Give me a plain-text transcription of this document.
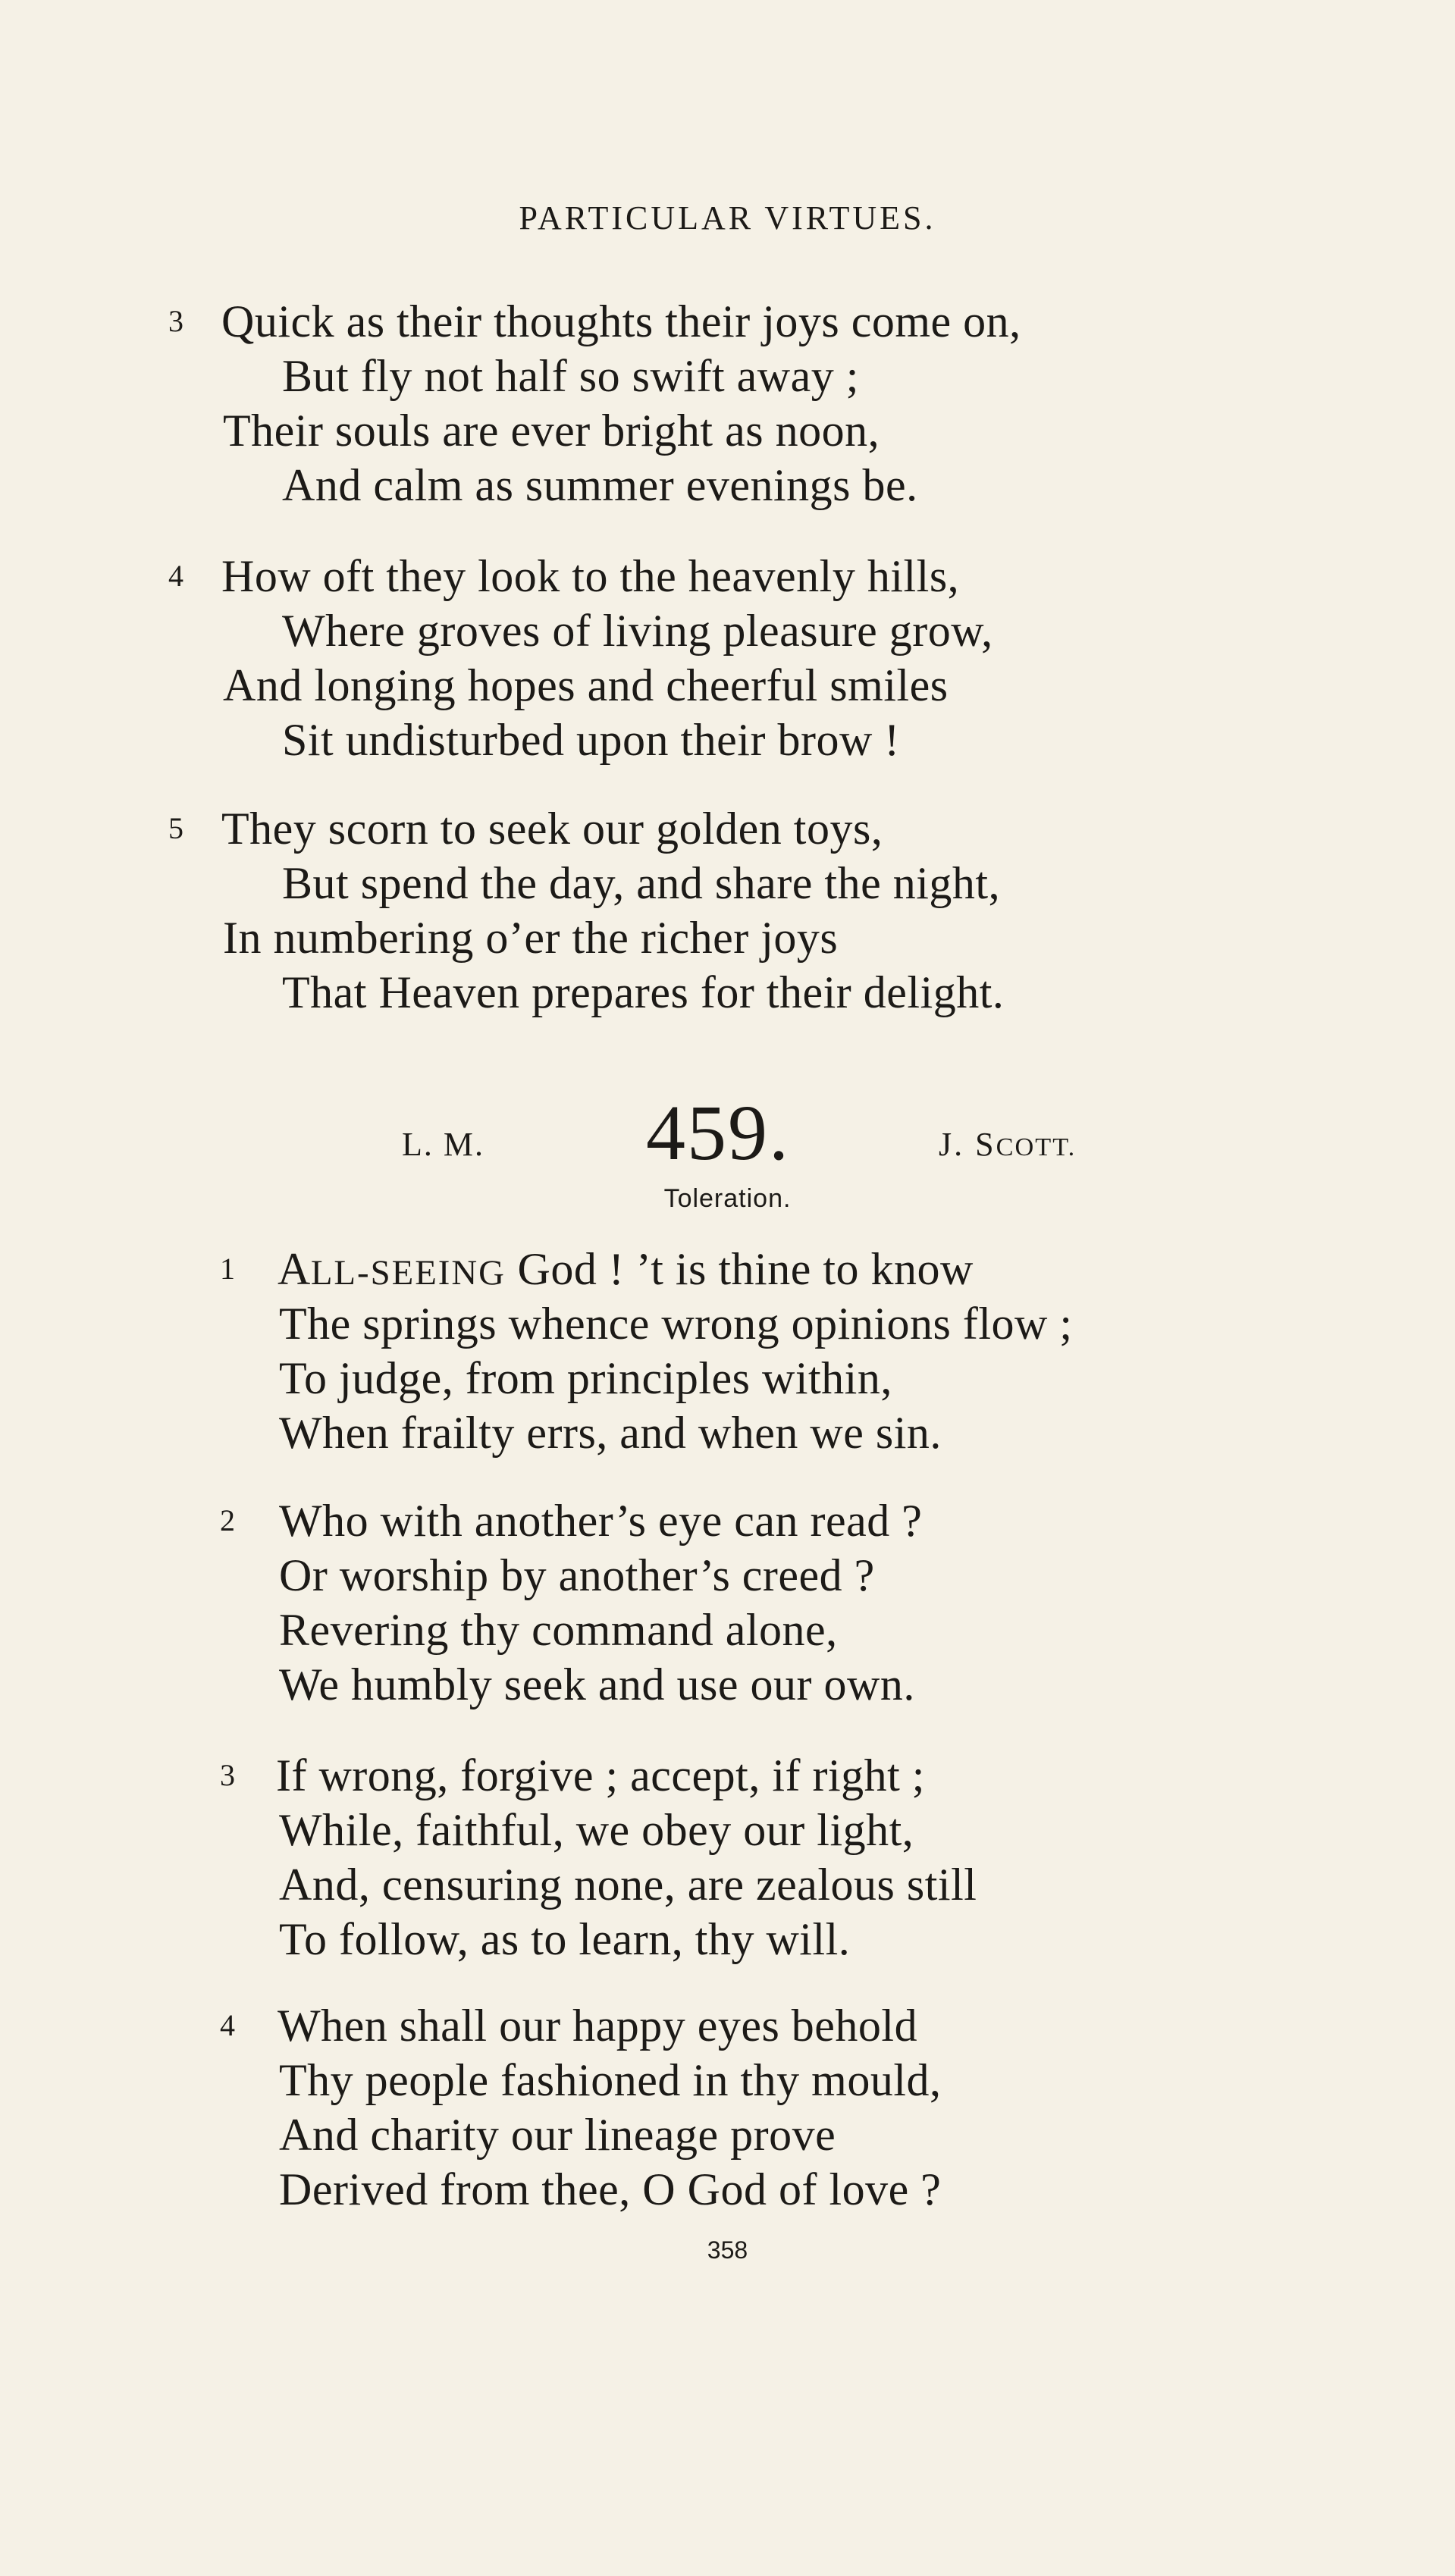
PARTICULAR VIRTUES.
3 Quick as their thoughts their joys come on,
But fly not half so swift away ;
Their souls are ever bright as noon,
And calm as summer evenings be.
4 How oft they look to the heavenly hills,
Where groves of living pleasure grow,
And longing hopes and cheerful smiles
Sit undisturbed upon their brow !
5 They scorn to seek our golden toys,
But spend the day, and share the night,
In numbering o’er the richer joys
That Heaven prepares for their delight.
L. M. 459.	J. SCOTT.
Toleration.
1 ALL-SEEING God ! ’t is thine to know
The springs whence wrong opinions flow ;
To judge, from principles within,
When frailty errs, and when we sin.
2 Who with another’s eye can read ?
Or worship by another’s creed ?
Revering thy command alone,
We humbly seek and use our own.
3 If wrong, forgive ; accept, if right ;
While, faithful, we obey our light,
And, censuring none, are zealous still
To follow, as to learn, thy will.
4 When shall our happy eyes behold
Thy people fashioned in thy mould,
And charity our lineage prove
Derived from thee, O God of love ?
358
